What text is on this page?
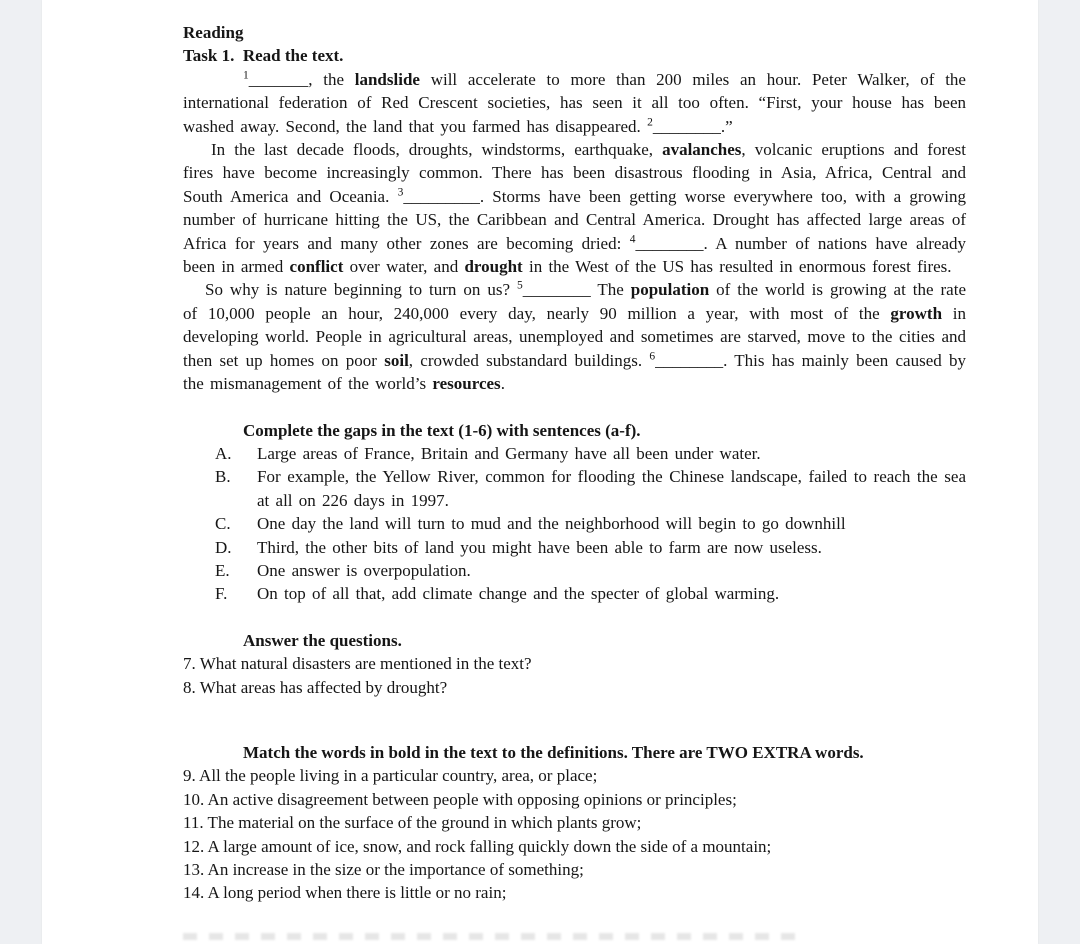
Reading
Task 1.  Read the text.

$^1$_______, the landslide will accelerate to more than 200 miles an hour. Peter Walker, of the international federation of Red Crescent societies, has seen it all too often. “First, your house has been washed away. Second, the land that you farmed has disappeared. $^2$________.”

In the last decade floods, droughts, windstorms, earthquake, avalanches, volcanic eruptions and forest fires have become increasingly common. There has been disastrous flooding in Asia, Africa, Central and South America and Oceania. $^3$_________. Storms have been getting worse everywhere too, with a growing number of hurricane hitting the US, the Caribbean and Central America. Drought has affected large areas of Africa for years and many other zones are becoming dried: $^4$________. A number of nations have already been in armed conflict over water, and drought in the West of the US has resulted in enormous forest fires.

So why is nature beginning to turn on us? $^5$________ The population of the world is growing at the rate of 10,000 people an hour, 240,000 every day, nearly 90 million a year, with most of the growth in developing world. People in agricultural areas, unemployed and sometimes are starved, move to the cities and then set up homes on poor soil, crowded substandard buildings. $^6$________. This has mainly been caused by the mismanagement of the world’s resources.

Complete the gaps in the text (1-6) with sentences (a-f).
A.	Large areas of France, Britain and Germany have all been under water.
B.	For example, the Yellow River, common for flooding the Chinese landscape, failed to reach the sea at all on 226 days in 1997.
C.	One day the land will turn to mud and the neighborhood will begin to go downhill
D.	Third, the other bits of land you might have been able to farm are now useless.
E.	One answer is overpopulation.
F.	On top of all that, add climate change and the specter of global warming.
Answer the questions.
7. What natural disasters are mentioned in the text?
8. What areas has affected by drought?
Match the words in bold in the text to the definitions. There are TWO EXTRA words.
9. All the people living in a particular country, area, or place;
10. An active disagreement between people with opposing opinions or principles;
11. The material on the surface of the ground in which plants grow;
12. A large amount of ice, snow, and rock falling quickly down the side of a mountain;
13. An increase in the size or the importance of something;
14. A long period when there is little or no rain;
